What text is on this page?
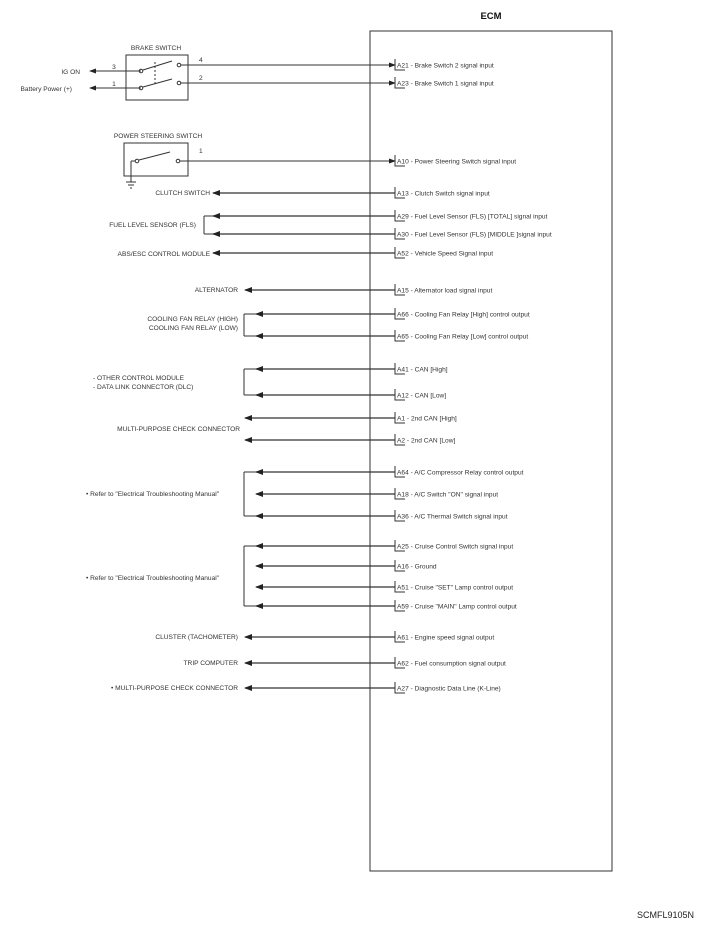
ECM
BRAKE SWITCH
3
1
IG ON
Battery Power (+)
4
2
POWER STEERING SWITCH
1
CLUTCH SWITCH
FUEL LEVEL SENSOR (FLS)
ABS/ESC CONTROL MODULE
ALTERNATOR
COOLING FAN RELAY (HIGH)
COOLING FAN RELAY (LOW)
- OTHER CONTROL MODULE
- DATA LINK CONNECTOR (DLC)
MULTI-PURPOSE CHECK CONNECTOR
• Refer to "Electrical Troubleshooting Manual"
• Refer to "Electrical Troubleshooting Manual"
CLUSTER (TACHOMETER)
TRIP COMPUTER
• MULTI-PURPOSE CHECK CONNECTOR
A21 - Brake Switch 2 signal input
A23 - Brake Switch 1 signal input
A10 - Power Steering Switch signal input
A13 - Clutch Switch signal input
A29 - Fuel Level Sensor (FLS) [TOTAL] signal input
A30 - Fuel Level Sensor (FLS) [MIDDLE ]signal input
A52 - Vehicle Speed Signal input
A15 - Alternator load signal input
A66 - Cooling Fan Relay [High] control output
A65 - Cooling Fan Relay [Low] control output
A41 - CAN [High]
A12 - CAN [Low]
A1 - 2nd CAN [High]
A2 - 2nd CAN [Low]
A64 - A/C Compressor Relay control output
A18 - A/C Switch "ON" signal input
A36 - A/C Thermal Switch signal input
A25 - Cruise Control Switch signal input
A16 - Ground
A51 - Cruise "SET" Lamp control output
A59 - Cruise "MAIN" Lamp control output
A61 - Engine speed signal output
A62 - Fuel consumption signal output
A27 - Diagnostic Data Line (K-Line)
SCMFL9105N
